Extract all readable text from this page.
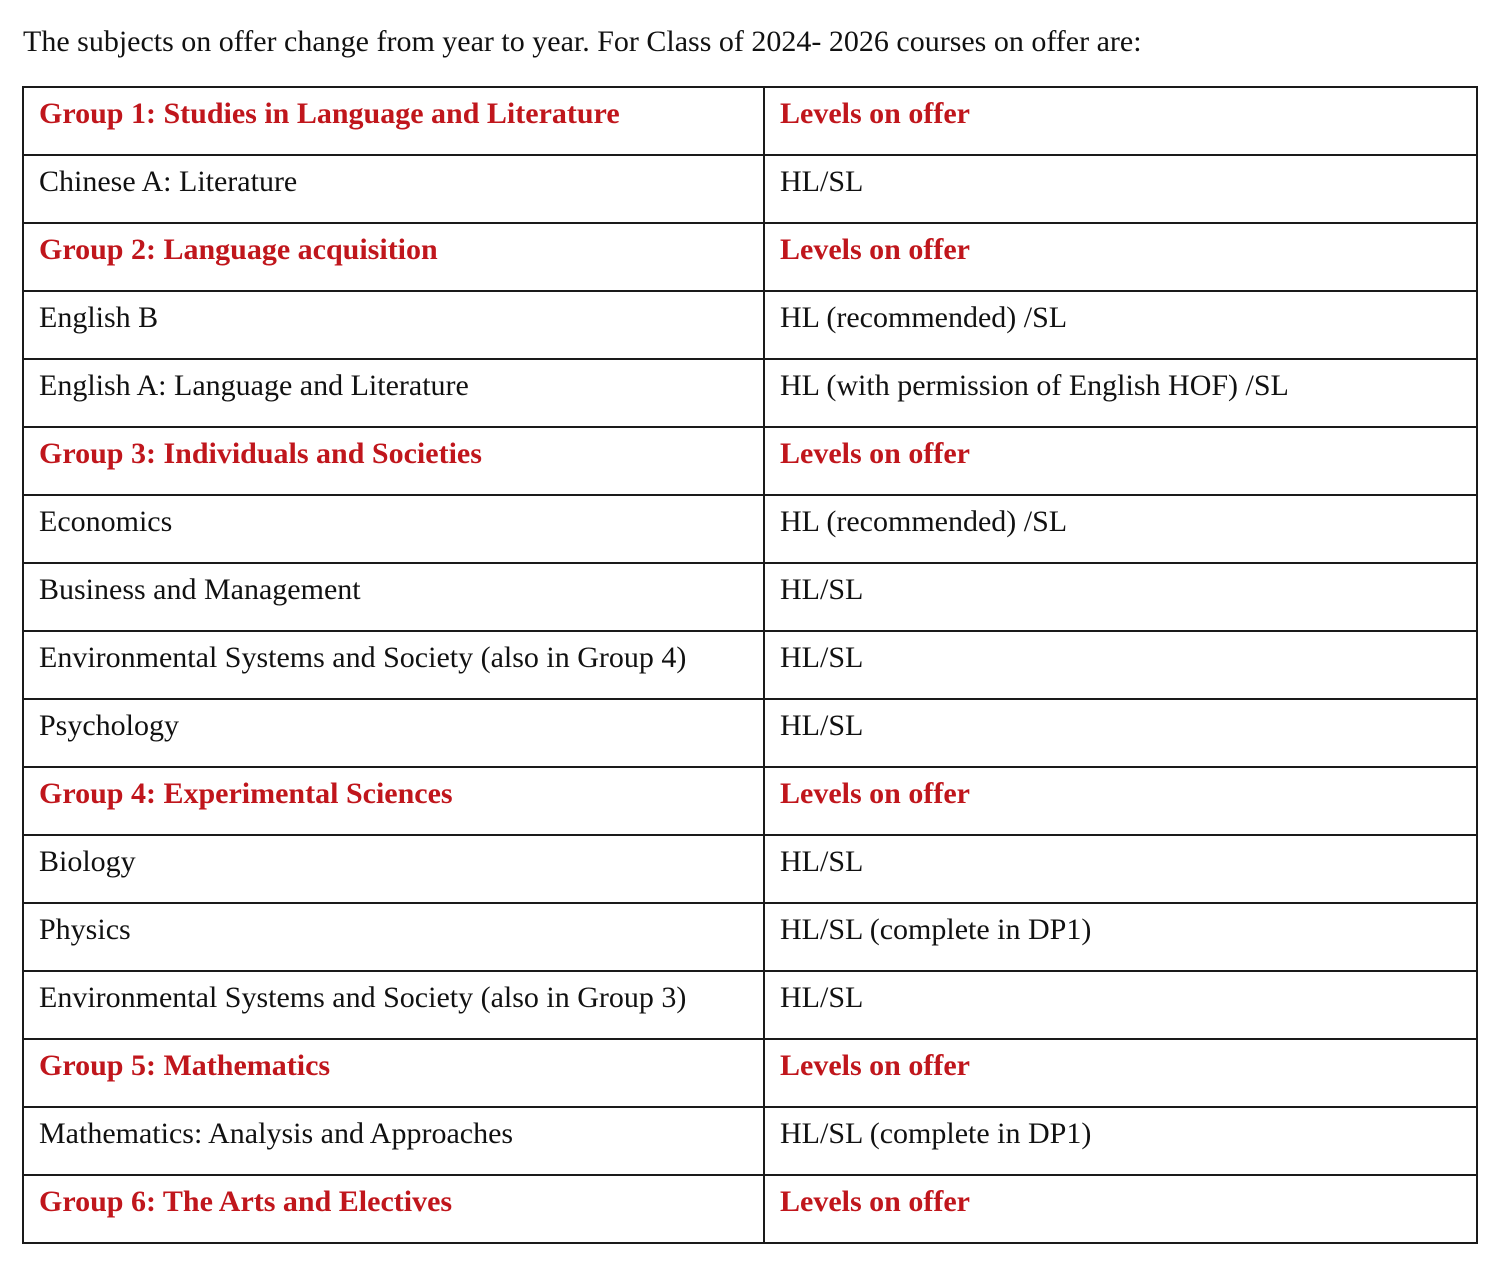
The subjects on offer change from year to year. For Class of 2024- 2026 courses on offer are:

Group 1: Studies in Language and Literature	Levels on offer
Chinese A: Literature	HL/SL
Group 2: Language acquisition	Levels on offer
English B	HL (recommended) /SL
English A: Language and Literature	HL (with permission of English HOF) /SL
Group 3: Individuals and Societies	Levels on offer
Economics	HL (recommended) /SL
Business and Management	HL/SL
Environmental Systems and Society (also in Group 4)	HL/SL
Psychology	HL/SL
Group 4: Experimental Sciences	Levels on offer
Biology	HL/SL
Physics	HL/SL (complete in DP1)
Environmental Systems and Society (also in Group 3)	HL/SL
Group 5: Mathematics	Levels on offer
Mathematics: Analysis and Approaches	HL/SL (complete in DP1)
Group 6: The Arts and Electives	Levels on offer
